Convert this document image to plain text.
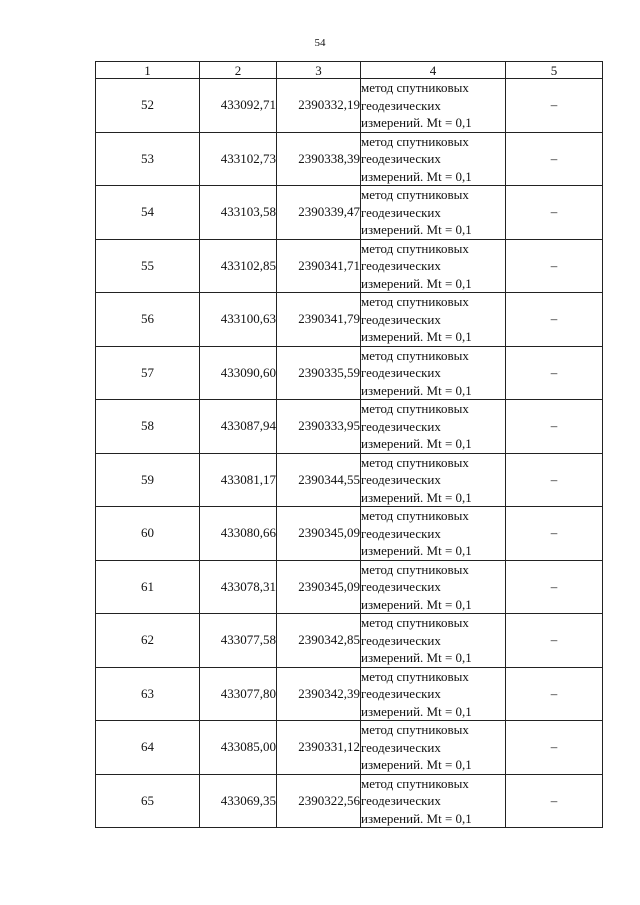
54
1	2	3	4	5
52	433092,71	2390332,19	метод спутниковых
геодезических
измерений. Mt = 0,1	–
53	433102,73	2390338,39	метод спутниковых
геодезических
измерений. Mt = 0,1	–
54	433103,58	2390339,47	метод спутниковых
геодезических
измерений. Mt = 0,1	–
55	433102,85	2390341,71	метод спутниковых
геодезических
измерений. Mt = 0,1	–
56	433100,63	2390341,79	метод спутниковых
геодезических
измерений. Mt = 0,1	–
57	433090,60	2390335,59	метод спутниковых
геодезических
измерений. Mt = 0,1	–
58	433087,94	2390333,95	метод спутниковых
геодезических
измерений. Mt = 0,1	–
59	433081,17	2390344,55	метод спутниковых
геодезических
измерений. Mt = 0,1	–
60	433080,66	2390345,09	метод спутниковых
геодезических
измерений. Mt = 0,1	–
61	433078,31	2390345,09	метод спутниковых
геодезических
измерений. Mt = 0,1	–
62	433077,58	2390342,85	метод спутниковых
геодезических
измерений. Mt = 0,1	–
63	433077,80	2390342,39	метод спутниковых
геодезических
измерений. Mt = 0,1	–
64	433085,00	2390331,12	метод спутниковых
геодезических
измерений. Mt = 0,1	–
65	433069,35	2390322,56	метод спутниковых
геодезических
измерений. Mt = 0,1	–
